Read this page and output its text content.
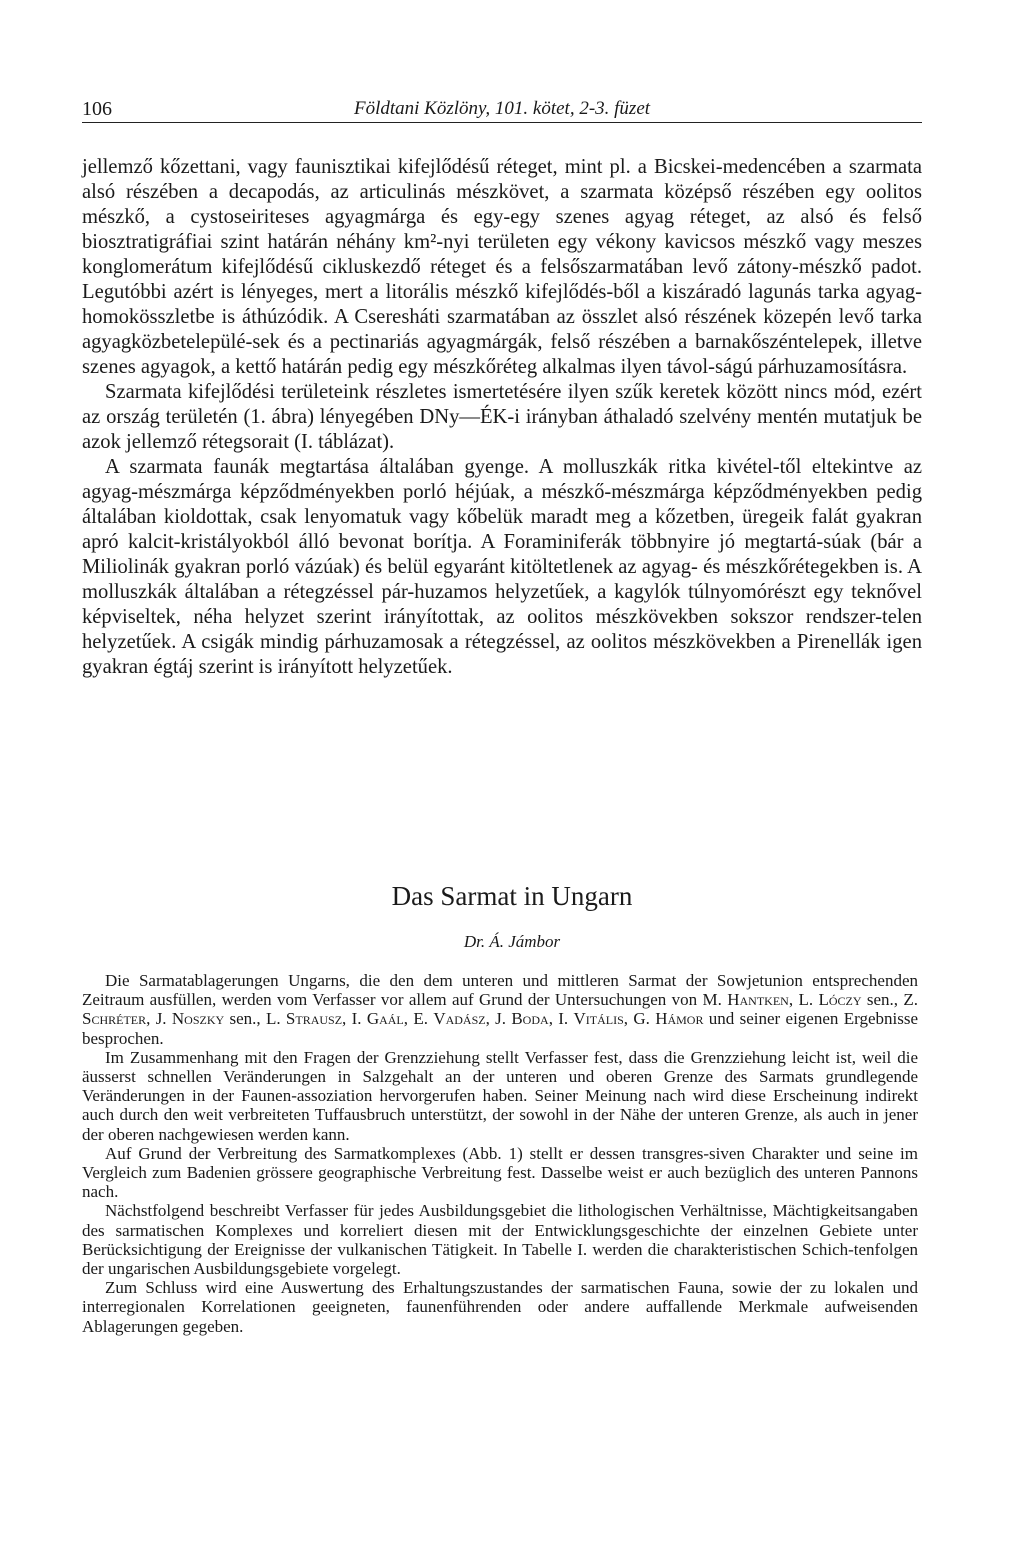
106	Földtani Közlöny, 101. kötet, 2-3. füzet

jellemző kőzettani, vagy faunisztikai kifejlődésű réteget, mint pl. a Bicskei-medencében a szarmata alsó részében a decapodás, az articulinás mészkövet, a szarmata középső részében egy oolitos mészkő, a cystoseiriteses agyagmárga és egy-egy szenes agyag réteget, az alsó és felső biosztratigráfiai szint határán néhány km²-nyi területen egy vékony kavicsos mészkő vagy meszes konglomerátum kifejlődésű cikluskezdő réteget és a felsőszarmatában levő zátony-mészkő padot. Legutóbbi azért is lényeges, mert a litorális mészkő kifejlődés-ből a kiszáradó lagunás tarka agyag-homokösszletbe is áthúzódik. A Cseresháti szarmatában az összlet alsó részének közepén levő tarka agyagközbetelepülé-sek és a pectinariás agyagmárgák, felső részében a barnakőszéntelepek, illetve szenes agyagok, a kettő határán pedig egy mészkőréteg alkalmas ilyen távol-ságú párhuzamosításra.

Szarmata kifejlődési területeink részletes ismertetésére ilyen szűk keretek között nincs mód, ezért az ország területén (1. ábra) lényegében DNy—ÉK-i irányban áthaladó szelvény mentén mutatjuk be azok jellemző rétegsorait (I. táblázat).

A szarmata faunák megtartása általában gyenge. A molluszkák ritka kivétel-től eltekintve az agyag-mészmárga képződményekben porló héjúak, a mészkő-mészmárga képződményekben pedig általában kioldottak, csak lenyomatuk vagy kőbelük maradt meg a kőzetben, üregeik falát gyakran apró kalcit-kristályokból álló bevonat borítja. A Foraminiferák többnyire jó megtartá-súak (bár a Miliolinák gyakran porló vázúak) és belül egyaránt kitöltetlenek az agyag- és mészkőrétegekben is. A molluszkák általában a rétegzéssel pár-huzamos helyzetűek, a kagylók túlnyomórészt egy teknővel képviseltek, néha helyzet szerint irányítottak, az oolitos mészkövekben sokszor rendszer-telen helyzetűek. A csigák mindig párhuzamosak a rétegzéssel, az oolitos mészkövekben a Pirenellák igen gyakran égtáj szerint is irányított helyzetűek.

Das Sarmat in Ungarn
Dr. Á. Jámbor

Die Sarmatablagerungen Ungarns, die den dem unteren und mittleren Sarmat der Sowjetunion entsprechenden Zeitraum ausfüllen, werden vom Verfasser vor allem auf Grund der Untersuchungen von M. Hantken, L. Lóczy sen., Z. Schréter, J. Noszky sen., L. Strausz, I. Gaál, E. Vadász, J. Boda, I. Vitális, G. Hámor und seiner eigenen Ergebnisse besprochen.

Im Zusammenhang mit den Fragen der Grenzziehung stellt Verfasser fest, dass die Grenzziehung leicht ist, weil die äusserst schnellen Veränderungen in Salzgehalt an der unteren und oberen Grenze des Sarmats grundlegende Veränderungen in der Faunen-assoziation hervorgerufen haben. Seiner Meinung nach wird diese Erscheinung indirekt auch durch den weit verbreiteten Tuffausbruch unterstützt, der sowohl in der Nähe der unteren Grenze, als auch in jener der oberen nachgewiesen werden kann.

Auf Grund der Verbreitung des Sarmatkomplexes (Abb. 1) stellt er dessen transgres-siven Charakter und seine im Vergleich zum Badenien grössere geographische Verbreitung fest. Dasselbe weist er auch bezüglich des unteren Pannons nach.

Nächstfolgend beschreibt Verfasser für jedes Ausbildungsgebiet die lithologischen Verhältnisse, Mächtigkeitsangaben des sarmatischen Komplexes und korreliert diesen mit der Entwicklungsgeschichte der einzelnen Gebiete unter Berücksichtigung der Ereignisse der vulkanischen Tätigkeit. In Tabelle I. werden die charakteristischen Schich-tenfolgen der ungarischen Ausbildungsgebiete vorgelegt.

Zum Schluss wird eine Auswertung des Erhaltungszustandes der sarmatischen Fauna, sowie der zu lokalen und interregionalen Korrelationen geeigneten, faunenführenden oder andere auffallende Merkmale aufweisenden Ablagerungen gegeben.
